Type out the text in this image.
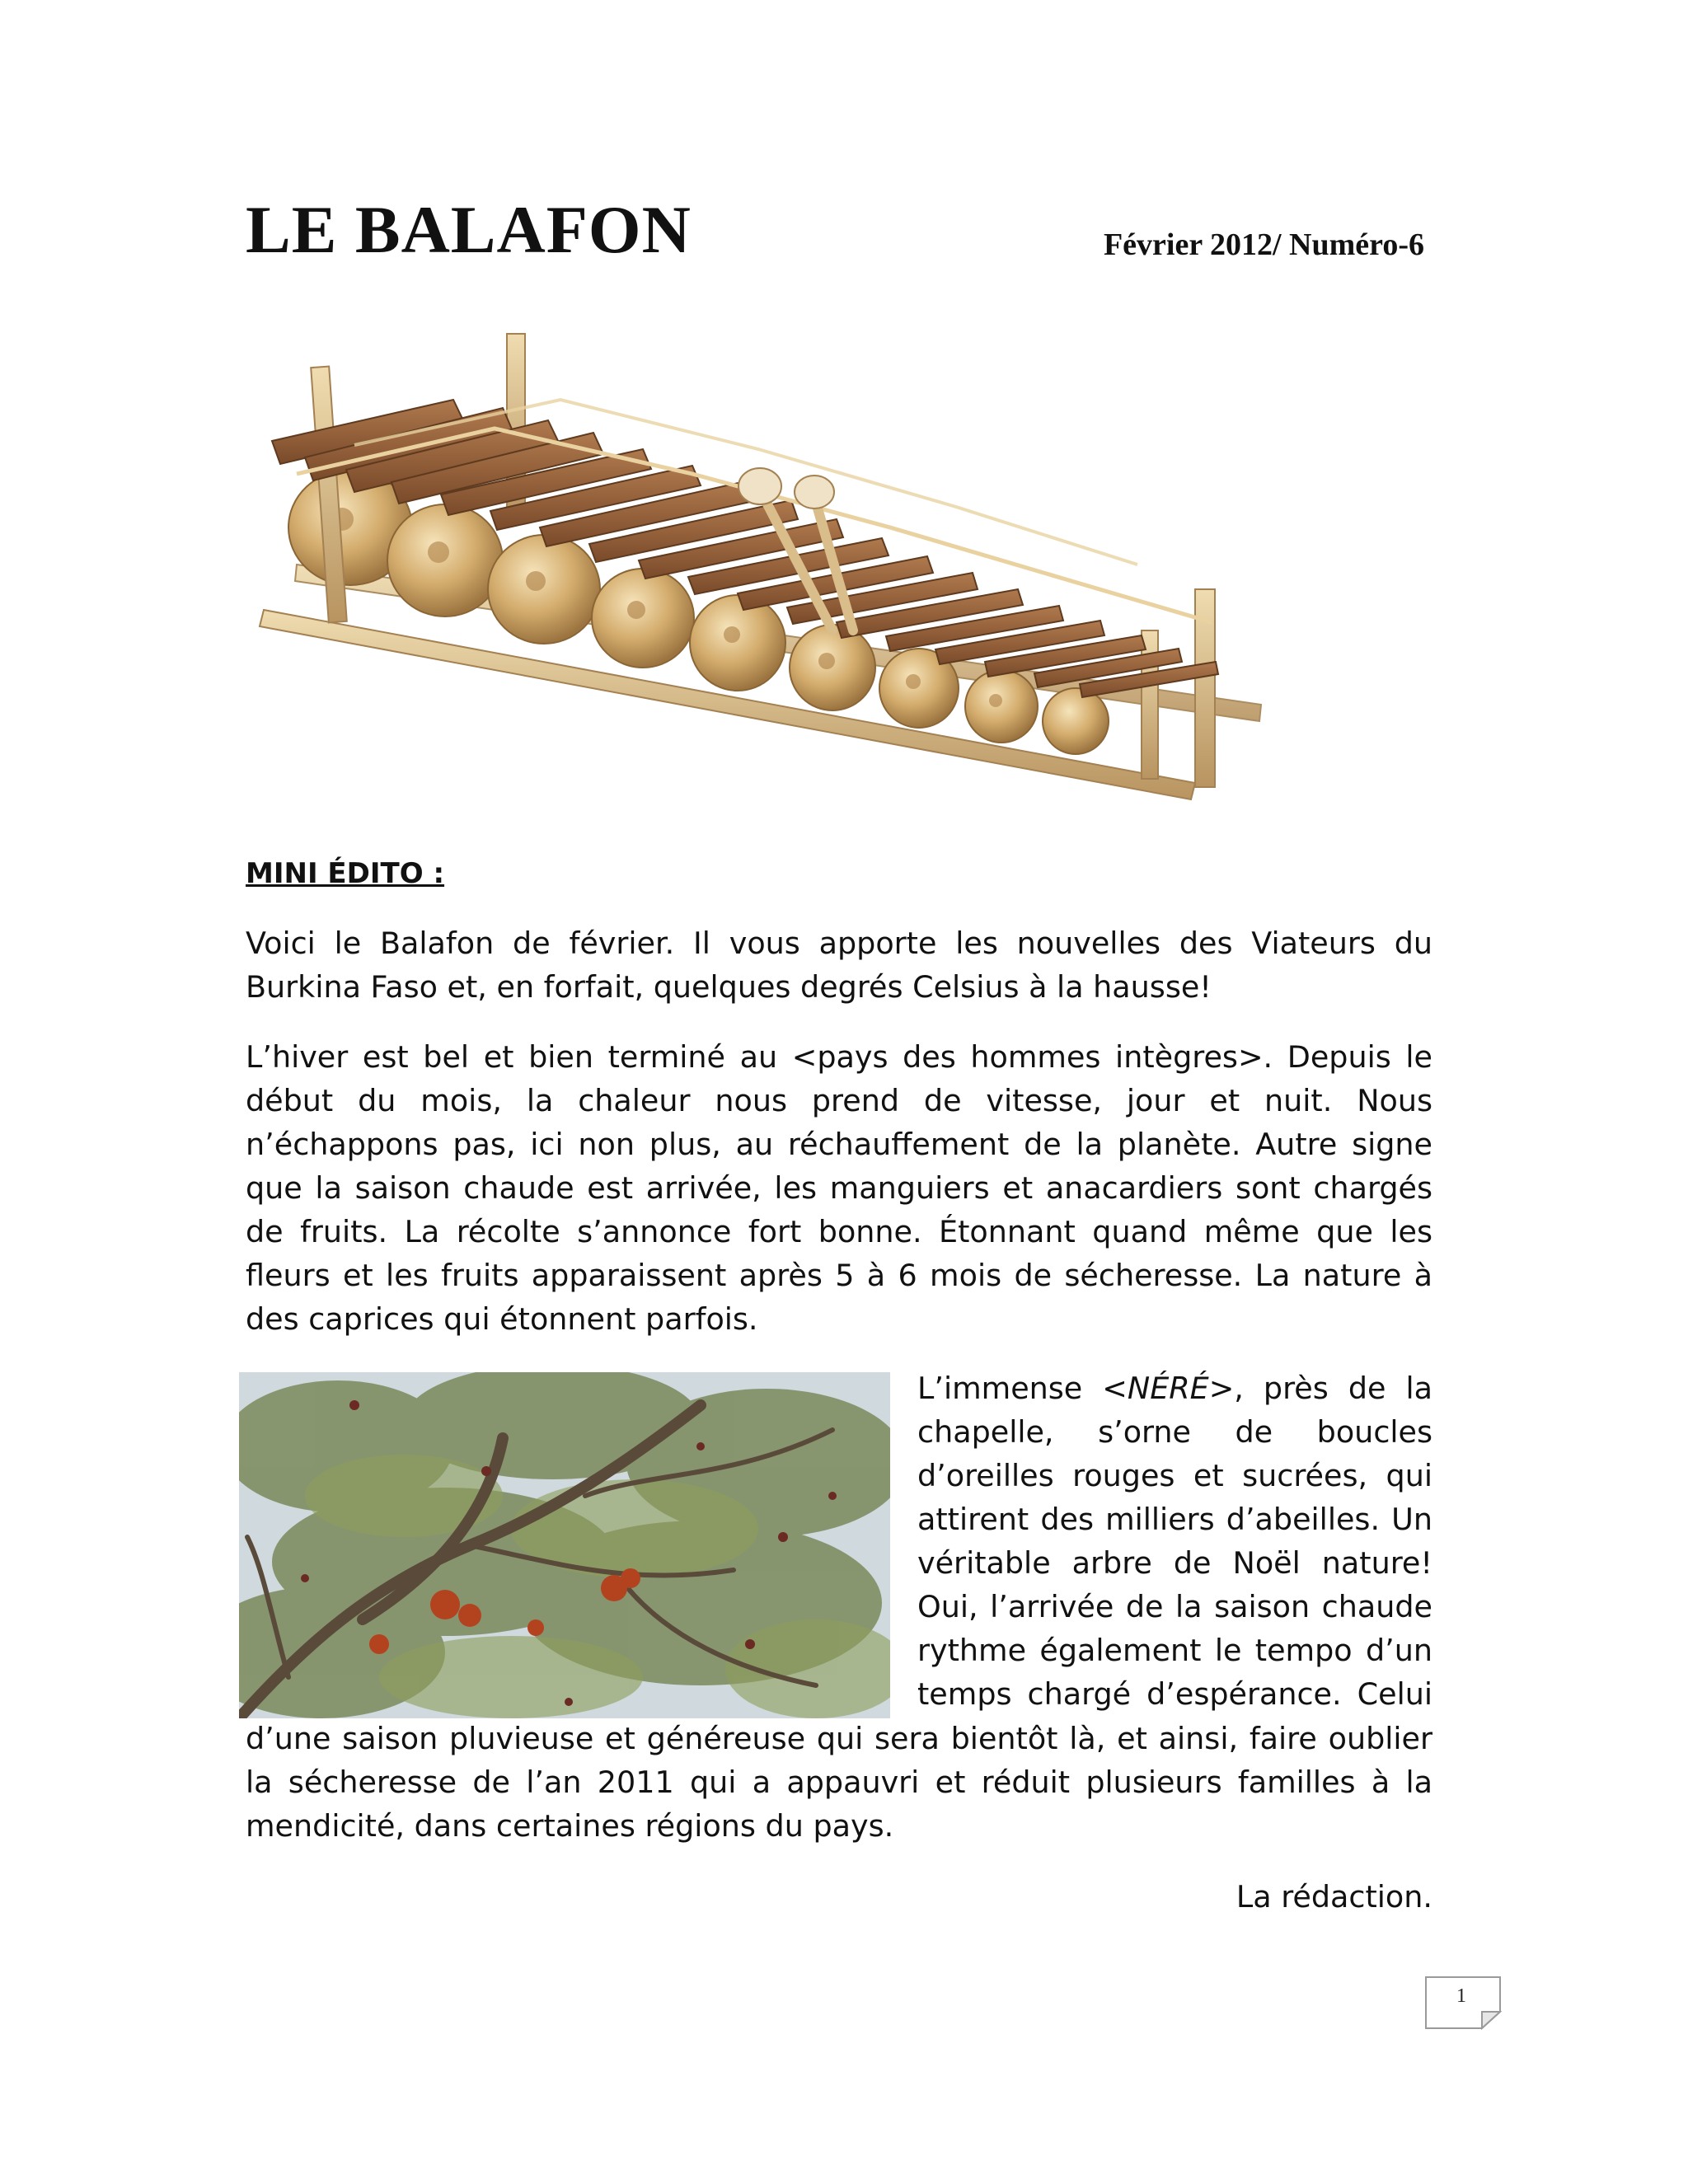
LE BALAFON	Février 2012/ Numéro-6
MINI ÉDITO :

Voici le Balafon de février. Il vous apporte les nouvelles des Viateurs du Burkina Faso et, en forfait, quelques degrés Celsius à la hausse!

L’hiver est bel et bien terminé au <pays des hommes intègres>. Depuis le début du mois, la chaleur nous prend de vitesse, jour et nuit. Nous n’échappons pas, ici non plus, au réchauffement de la planète. Autre signe que la saison chaude est arrivée, les manguiers et anacardiers sont chargés de fruits. La récolte s’annonce fort bonne. Étonnant quand même que les fleurs et les fruits apparaissent après 5 à 6 mois de sécheresse. La nature à des caprices qui étonnent parfois.

L’immense <NÉRÉ>, près de la
chapelle, s’orne de boucles
d’oreilles rouges et sucrées, qui
attirent des milliers d’abeilles. Un
véritable arbre de Noël nature!
Oui, l’arrivée de la saison chaude
rythme également le tempo d’un
temps chargé d’espérance. Celui
d’une saison pluvieuse et généreuse qui sera bientôt là, et ainsi, faire oublier
la sécheresse de l’an 2011 qui a appauvri et réduit plusieurs familles à la
mendicité, dans certaines régions du pays.
La rédaction.
1
